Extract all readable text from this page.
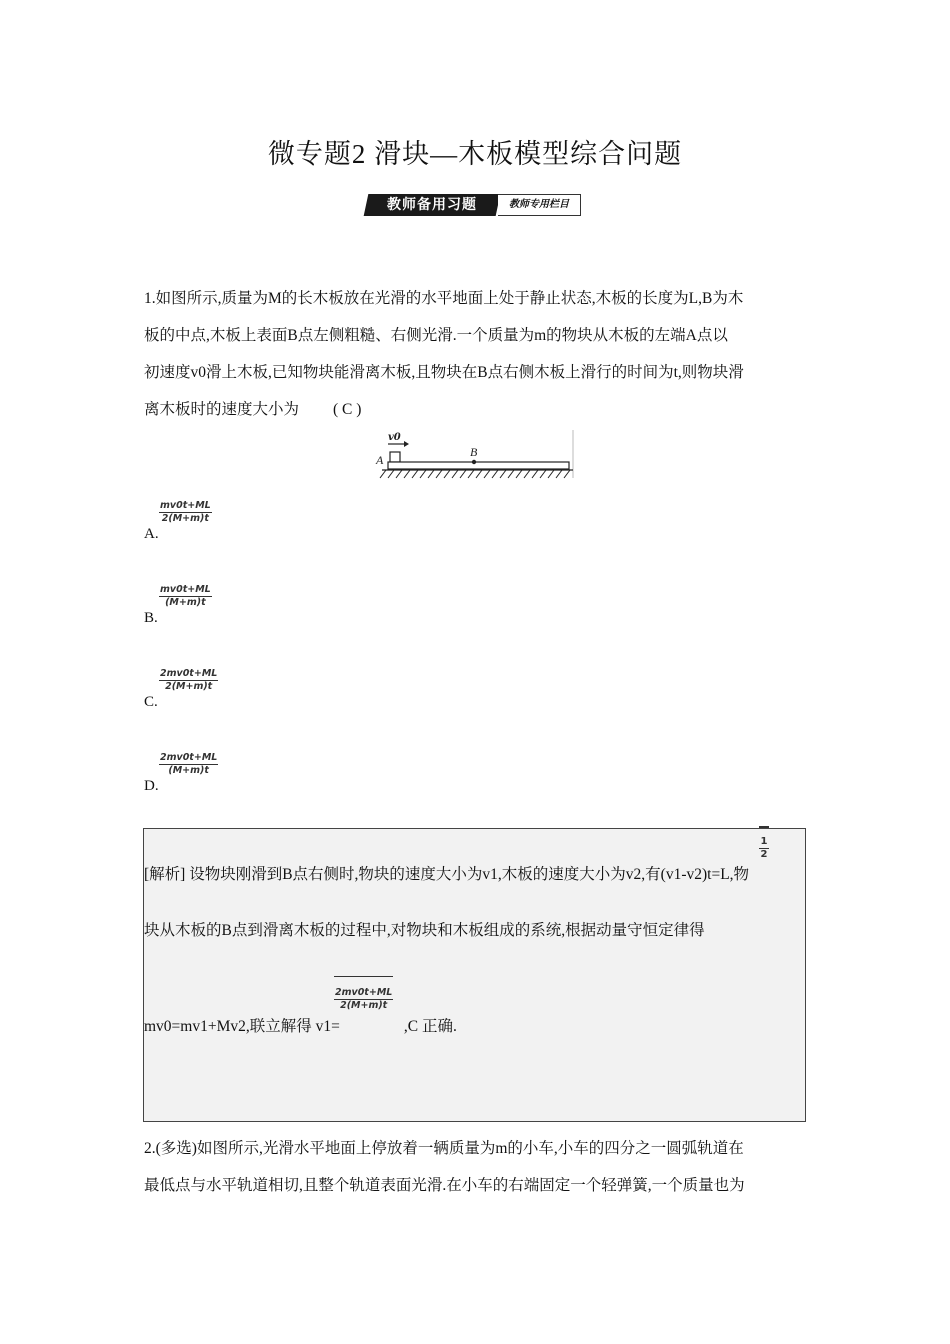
微专题2 滑块—木板模型综合问题
教师备用习题	教师专用栏目
1.如图所示,质量为M的长木板放在光滑的水平地面上处于静止状态,木板的长度为L,B为木
板的中点,木板上表面B点左侧粗糙、右侧光滑.一个质量为m的物块从木板的左端A点以
初速度v0滑上木板,已知物块能滑离木板,且物块在B点右侧木板上滑行的时间为t,则物块滑
离木板时的速度大小为 ( C )
v0
A
B
$\frac{mv0t+ML}{2(M+m)t}$
A.
$\frac{mv0t+ML}{(M+m)t}$
B.
$\frac{2mv0t+ML}{2(M+m)t}$
C.
$\frac{2mv0t+ML}{(M+m)t}$
D.
1
2
[解析] 设物块刚滑到B点右侧时,物块的速度大小为v1,木板的速度大小为v2,有(v1-v2)t=L,物
块从木板的B点到滑离木板的过程中,对物块和木板组成的系统,根据动量守恒定律得
$\frac{2mv0t+ML}{2(M+m)t}$
mv0=mv1+Mv2,联立解得 v1=	,C 正确.
2.(多选)如图所示,光滑水平地面上停放着一辆质量为m的小车,小车的四分之一圆弧轨道在
最低点与水平轨道相切,且整个轨道表面光滑.在小车的右端固定一个轻弹簧,一个质量也为
